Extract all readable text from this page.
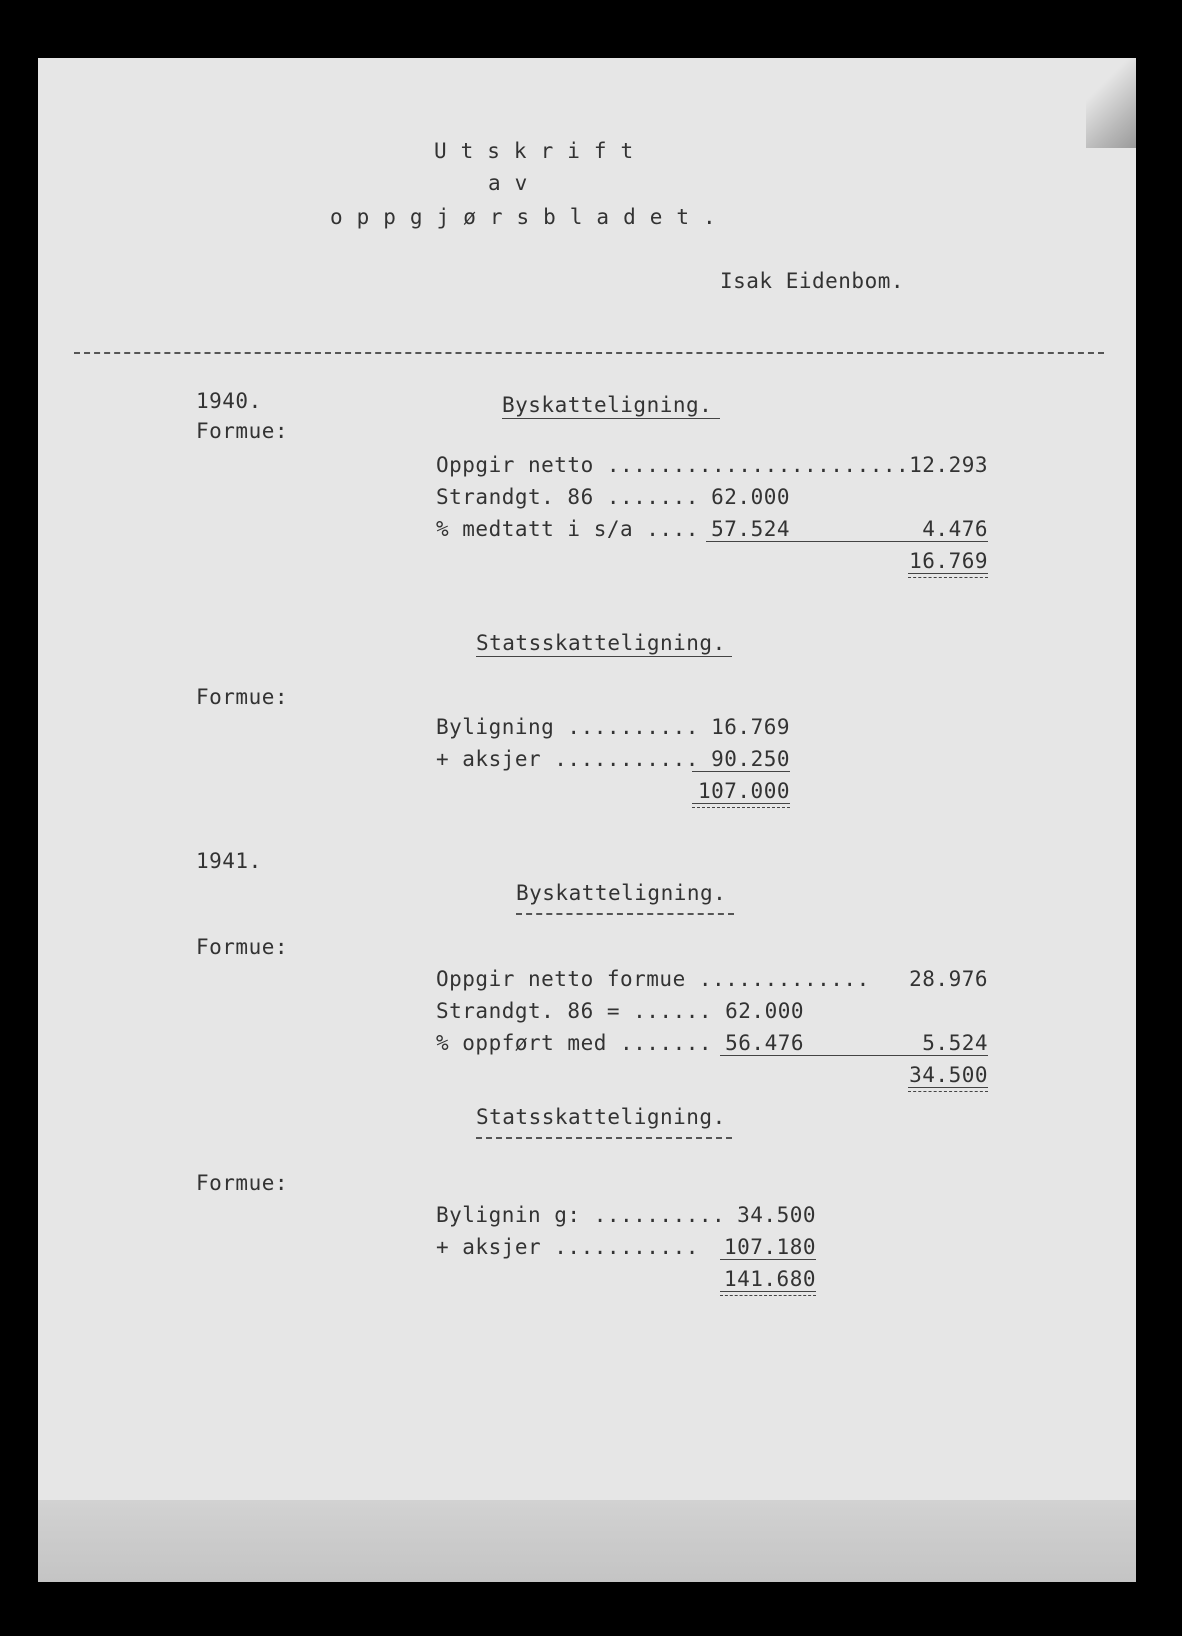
Utskrift
av
oppgjørsbladet.
Isak Eidenbom.
1940.
Formue:
Byskatteligning.
Oppgir netto ....................... 12.293
Strandgt. 86 ....... 62.000
% medtatt i s/a .... 57.524	4.476
16.769
Statsskatteligning.
Formue:
Byligning .......... 16.769
+ aksjer ........... 90.250
107.000
1941.
Byskatteligning.
Formue:
Oppgir netto formue .............	28.976
Strandgt. 86 = ...... 62.000
% oppført med ....... 56.476	5.524
34.500
Statsskatteligning.
Formue:
Bylignin g: .......... 34.500
+ aksjer ...........	107.180
141.680
